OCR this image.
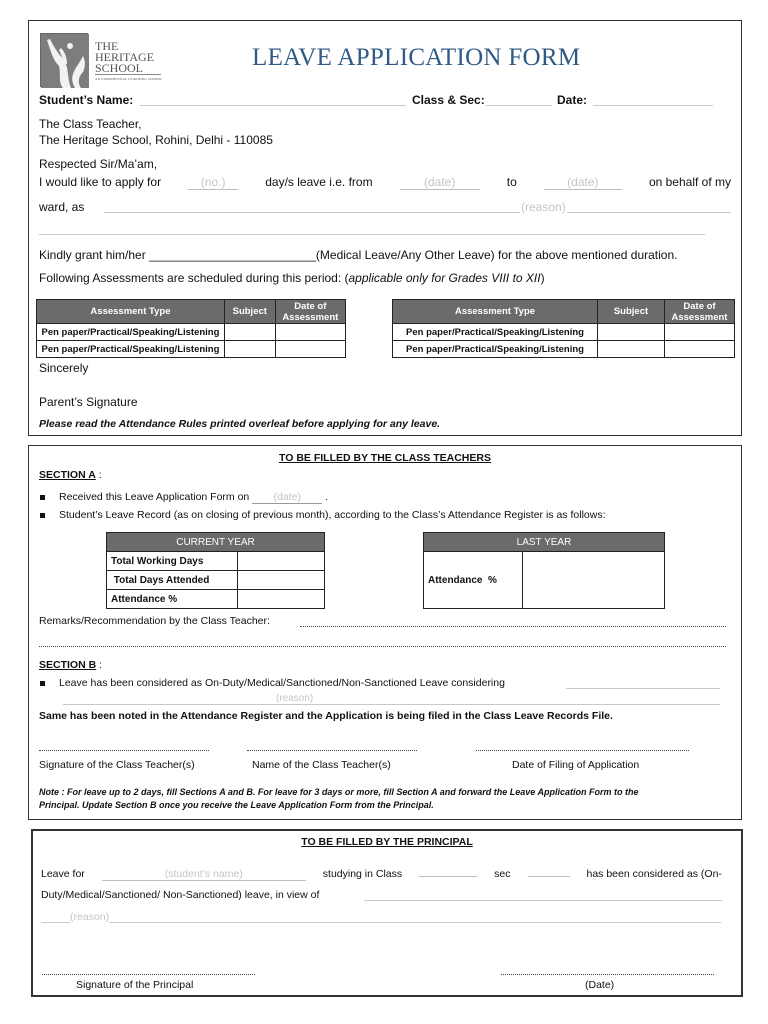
THE
HERITAGE
SCHOOL
AN EXPERIENTIAL LEARNING SCHOOL
LEAVE APPLICATION FORM
Student’s Name:	Class & Sec:	Date:
The Class Teacher,
The Heritage School, Rohini, Delhi - 110085
Respected Sir/Ma’am,
I would like to apply for	(no.)	day/s leave i.e. from	(date)	to	(date)	on behalf of my
ward, as	(reason)
Kindly grant him/her _________________________(Medical Leave/Any Other Leave) for the above mentioned duration.
Following Assessments are scheduled during this period: (applicable only for Grades VIII to XII)
Assessment Type	Subject	Date of Assessment
Pen paper/Practical/Speaking/Listening		
Pen paper/Practical/Speaking/Listening		
Assessment Type	Subject	Date of Assessment
Pen paper/Practical/Speaking/Listening		
Pen paper/Practical/Speaking/Listening		
Sincerely
Parent’s Signature
Please read the Attendance Rules printed overleaf before applying for any leave.
TO BE FILLED BY THE CLASS TEACHERS
SECTION A :
Received this Leave Application Form on (date) .
Student’s Leave Record (as on closing of previous month), according to the Class’s Attendance Register is as follows:
CURRENT YEAR	
Total Working Days	
Total Days Attended	
Attendance %	
LAST YEAR
Attendance  %	
Remarks/Recommendation by the Class Teacher:
SECTION B :
Leave has been considered as On-Duty/Medical/Sanctioned/Non-Sanctioned Leave considering
(reason)
Same has been noted in the Attendance Register and the Application is being filed in the Class Leave Records File.
Signature of the Class Teacher(s)	Name of the Class Teacher(s)	Date of Filing of Application
Note : For leave up to 2 days, fill Sections A and B. For leave for 3 days or more, fill Section A and forward the Leave Application Form to the
Principal. Update Section B once you receive the Leave Application Form from the Principal.
TO BE FILLED BY THE PRINCIPAL
Leave for	(student’s name)	studying in Class	sec	has been considered as (On-
Duty/Medical/Sanctioned/ Non-Sanctioned) leave, in view of
(reason)
Signature of the Principal	(Date)
